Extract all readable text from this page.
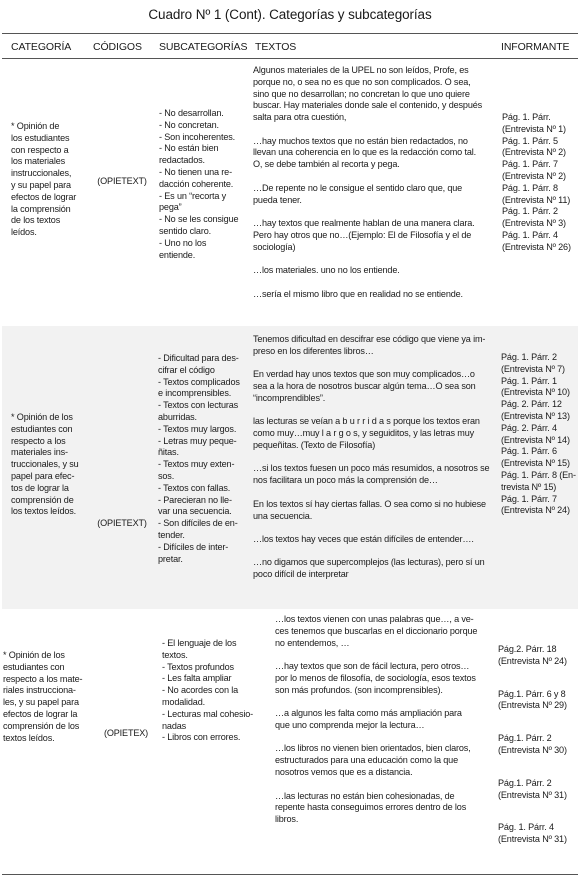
Cuadro Nº 1 (Cont). Categorías y subcategorías
CATEGORÍA CÓDIGOS SUBCATEGORÍAS TEXTOS	INFORMANTE
* Opinión de
los estudiantes
con respecto a
los materiales
instruccionales,
y su papel para
efectos de lograr
la comprensión
de los textos
leídos.
(OPIETEXT)
- No desarrollan.
- No concretan.
- Son incoherentes.
- No están bien
redactados.
- No tienen una re-
dacción coherente.
- Es un “recorta y
pega”
- No se les consigue
sentido claro.
- Uno no los
entiende.
Algunos materiales de la UPEL no son leídos, Profe, es
porque no, o sea no es que no son complicados. O sea,
sino que no desarrollan; no concretan lo que uno quiere
buscar. Hay materiales donde sale el contenido, y después
salta para otra cuestión,
…hay muchos textos que no están bien redactados, no
llevan una coherencia en lo que es la redacción como tal.
O, se debe también al recorta y pega.
…De repente no le consigue el sentido claro que, que
pueda tener.
…hay textos que realmente hablan de una manera clara.
Pero hay otros que no…(Ejemplo: El de Filosofía y el de
sociología)
…los materiales. uno no los entiende.
…sería el mismo libro que en realidad no se entiende.
Pág. 1. Párr.
(Entrevista Nº 1)
Pág. 1. Párr. 5
(Entrevista Nº 2)
Pág. 1. Párr. 7
(Entrevista Nº 2)
Pág. 1. Párr. 8
(Entrevista Nº 11)
Pág. 1. Párr. 2
(Entrevista Nº 3)
Pág. 1. Párr. 4
(Entrevista Nº 26)
* Opinión de los
estudiantes con
respecto a los
materiales ins-
truccionales, y su
papel para efec-
tos de lograr la
comprensión de
los textos leídos.
(OPIETEXT)
- Dificultad para des-
cifrar el código
- Textos complicados
e incomprensibles.
- Textos con lecturas
aburridas.
- Textos muy largos.
- Letras muy peque-
ñitas.
- Textos muy exten-
sos.
- Textos con fallas.
- Parecieran no lle-
var una secuencia.
- Son difíciles de en-
tender.
- Difíciles de inter-
pretar.
Tenemos dificultad en descifrar ese código que viene ya im-
preso en los diferentes libros…
En verdad hay unos textos que son muy complicados…o
sea a la hora de nosotros buscar algún tema…O sea son
“incomprendibles”.
las lecturas se veían a b u r r i d a s porque los textos eran
como muy…muy l a r g o s, y seguiditos, y las letras muy
pequeñitas. (Texto de Filosofía)
…si los textos fuesen un poco más resumidos, a nosotros se
nos facilitara un poco más la comprensión de…
En los textos sí hay ciertas fallas. O sea como si no hubiese
una secuencia.
…los textos hay veces que están difíciles de entender….
…no digamos que supercomplejos (las lecturas), pero sí un
poco difícil de interpretar
Pág. 1. Párr. 2
(Entrevista Nº 7)
Pág. 1. Párr. 1
(Entrevista Nº 10)
Pág. 2. Párr. 12
(Entrevista Nº 13)
Pág. 2. Párr. 4
(Entrevista Nº 14)
Pág. 1. Párr. 6
(Entrevista Nº 15)
Pág. 1. Párr. 8 (En-
trevista Nº 15)
Pág. 1. Párr. 7
(Entrevista Nº 24)
* Opinión de los
estudiantes con
respecto a los mate-
riales instrucciona-
les, y su papel para
efectos de lograr la
comprensión de los
textos leídos.	(OPIETEX)
- El lenguaje de los
textos.
- Textos profundos
- Les falta ampliar
- No acordes con la
modalidad.
- Lecturas mal cohesio-
nadas
- Libros con errores.
…los textos vienen con unas palabras que…, a ve-
ces tenemos que buscarlas en el diccionario porque
no entendemos, …
…hay textos que son de fácil lectura, pero otros…
por lo menos de filosofía, de sociología, esos textos
son más profundos. (son incomprensibles).
…a algunos les falta como más ampliación para
que uno comprenda mejor la lectura…
…los libros no vienen bien orientados, bien claros,
estructurados para una educación como la que
nosotros vemos que es a distancia.
…las lecturas no están bien cohesionadas, de
repente hasta conseguimos errores dentro de los
libros.
Pág.2. Párr. 18
(Entrevista Nº 24)
Pág.1. Párr. 6 y 8
(Entrevista Nº 29)
Pág.1. Párr. 2
(Entrevista Nº 30)
Pág.1. Párr. 2
(Entrevista Nº 31)
Pág. 1. Párr. 4
(Entrevista Nº 31)
